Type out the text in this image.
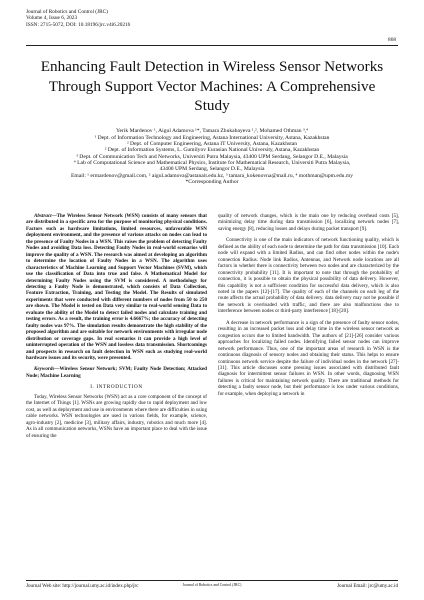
Journal of Robotics and Control (JRC)
Volume 4, Issue 6, 2023
ISSN: 2715-5072, DOI: 10.18196/jrc.v4i6.20216
868
Enhancing Fault Detection in Wireless Sensor Networks Through Support Vector Machines: A Comprehensive Study
Yerik Mardenov ¹, Aigul Adamova ¹*, Tamara Zhukabayeva ¹,², Mohamed Othman ³,⁴
¹ Dept. of Information Technology and Engineering, Astana International University, Astana, Kazakhstan
² Dept. of Computer Engineering, Astana IT University, Astana, Kazakhstan
² Dept. of Information Systems, L. Gumilyov Eurasian National University, Astana, Kazakhstan
³ Dept. of Communication Tech and Networks, Universiti Putra Malaysia, 43400 UPM Serdang, Selangor D.E., Malaysia
⁴ Lab of Computational Science and Mathematical Physics, Institute for Mathematical Research, Universiti Putra Malaysia,
43400 UPM Serdang, Selangor D.E., Malaysia
Email: ¹ ermardenov@gmail.com, ² aigul.adamova@astanait.edu.kz, ³ tamara_kokenovna@mail.ru, ⁴ mothman@upm.edu.my
*Corresponding Author

Abstract—The Wireless Sensor Network (WSN) consists of many sensors that are distributed in a specific area for the purpose of monitoring physical conditions. Factors such as hardware limitations, limited resources, unfavorable WSN deployment environment, and the presence of various attacks on nodes can lead to the presence of Faulty Nodes in a WSN. This raises the problem of detecting Faulty Nodes and avoiding Data loss. Detecting Faulty Nodes in real-world scenarios will improve the quality of a WSN. The research was aimed at developing an algorithm to determine the location of Faulty Nodes in a WSN. The algorithm uses characteristics of Machine Learning and Support Vector Machines (SVM), which use the classification of Data into true and false. A Mathematical Model for determining Faulty Nodes using the SVM is considered. A methodology for detecting a Faulty Node is demonstrated, which consists of Data Collection, Feature Extraction, Training, and Testing the Model. The Results of simulated experiments that were conducted with different numbers of nodes from 50 to 250 are shown. The Model is tested on Data very similar to real-world sensing Data to evaluate the ability of the Model to detect failed nodes and calculate training and testing errors. As a result, the training error is 4.6667%; the accuracy of detecting faulty nodes was 97%. The simulation results demonstrate the high stability of the proposed algorithm and are suitable for network environments with irregular node distribution or coverage gaps. In real scenarios it can provide a high level of uninterrupted operation of the WSN and lossless data transmission. Shortcomings and prospects in research on fault detection in WSN such as studying real-world hardware issues and its security, were presented.

Keywords—Wireless Sensor Network; SVM; Faulty Node Detection; Attacked Node; Machine Learning

I. INTRODUCTION

Today, Wireless Sensor Networks (WSN) act as a core component of the concept of the Internet of Things [1]. WSNs are growing rapidly due to rapid deployment and low cost, as well as deployment and use in environments where there are difficulties in using cable networks. WSN technologies are used in various fields, for example, science, agro-industry [2], medicine [3], military affairs, industry, robotics and much more [4]. As in all communication networks, WSNs have an important place to deal with the issue of ensuring the

quality of network changes, which is the main one by reducing overhead costs [5], minimizing delay time during data transmission [6], localizing network nodes [7], saving energy [8], reducing losses and delays during packet transport [9].

Connectivity is one of the main indicators of network functioning quality, which is defined as the ability of each node to determine the path for data transmission [10]. Each node will expand with a limited Radius, and can find other nodes within the node's connection Radius. Node link Radius, Antennas, and Network node locations are all factors in whether there is connectivity between two nodes and are characterized by the connectivity probability [11]. It is important to note that through the probability of connection, it is possible to obtain the physical possibility of data delivery. However, this capability is not a sufficient condition for successful data delivery, which is also noted in the papers [12]-[17]. The quality of each of the channels on each leg of the route affects the actual probability of data delivery. data delivery may not be possible if the network is overloaded with traffic, and there are also malfunctions due to interference between nodes or third-party interference [18]-[20].

A decrease in network performance is a sign of the presence of faulty sensor nodes, resulting in an increased packet loss and delay time in the wireless sensor network as congestion occurs due to limited bandwidth. The authors of [21]-[26] consider various approaches for localizing failed nodes. Identifying failed sensor nodes can improve network performance. Thus, one of the important areas of research in WSN is the continuous diagnosis of sensory nodes and obtaining their status. This helps to ensure continuous network service despite the failure of individual nodes in the network [27]-[31]. This article discusses some pressing issues associated with distributed fault diagnosis for intermittent sensor failures in WSN. In other words, diagnosing WSN failures is critical for maintaining network quality. There are traditional methods for detecting a faulty sensor node, but their performance is low under various conditions, for example, when deploying a network in

Journal Web site: http://journal.umy.ac.id/index.php/jrc	Journal of Robotics and Control (JRC)	Journal Email: jrc@umy.ac.id
